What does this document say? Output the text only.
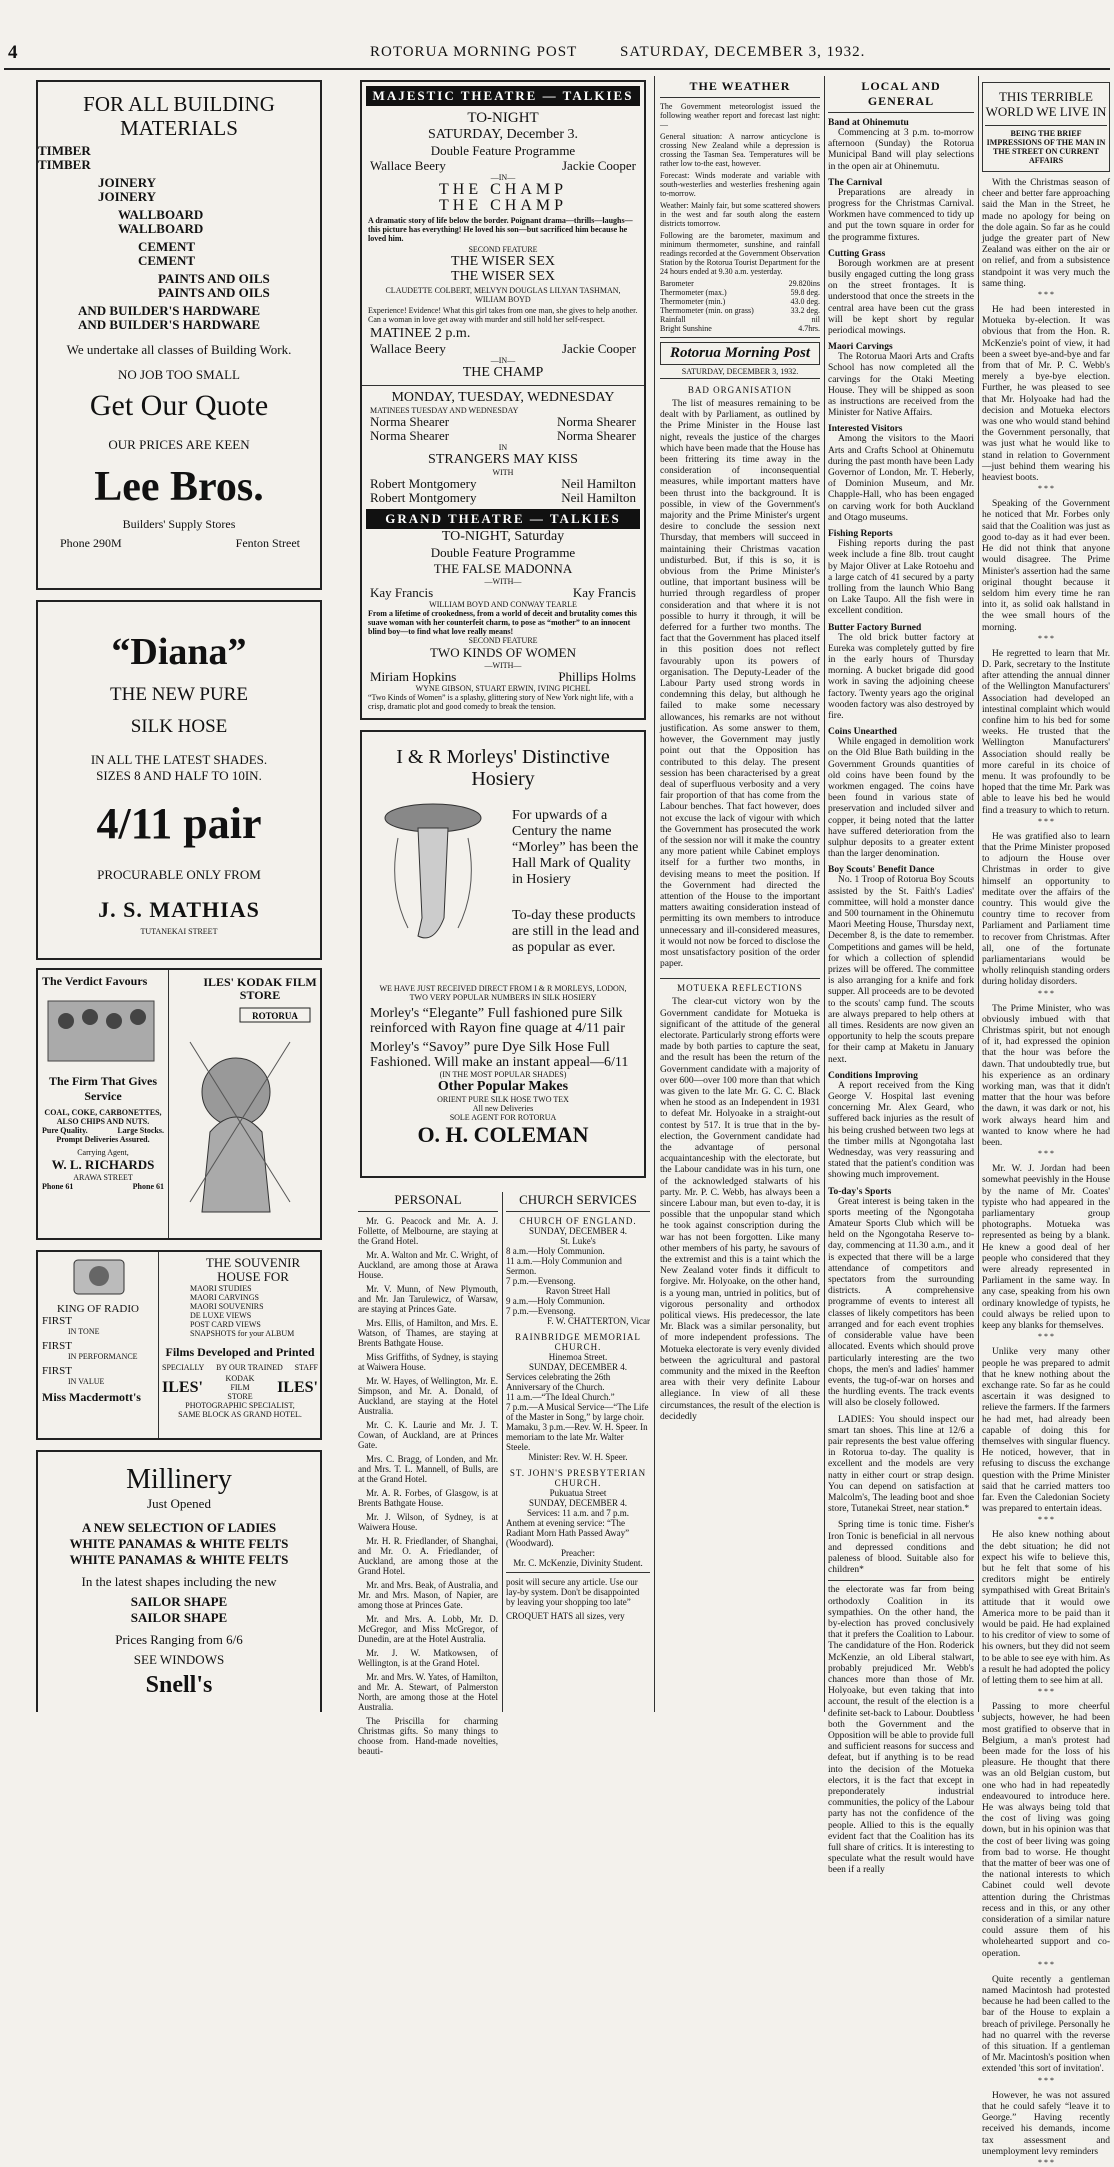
4	ROTORUA MORNING POST	SATURDAY, DECEMBER 3, 1932.
FOR ALL BUILDING MATERIALS
TIMBER
TIMBER
JOINERY
JOINERY
WALLBOARD
WALLBOARD
CEMENT
CEMENT
PAINTS AND OILS
PAINTS AND OILS
AND BUILDER'S HARDWARE
AND BUILDER'S HARDWARE
We undertake all classes of Building Work.
NO JOB TOO SMALL
Get Our Quote
OUR PRICES ARE KEEN
Lee Bros.
Builders' Supply Stores
Phone 290M	Fenton Street
“Diana”
THE NEW PURE
SILK HOSE
IN ALL THE LATEST SHADES.
SIZES 8 AND HALF TO 10IN.
4/11 pair
PROCURABLE ONLY FROM
J. S. MATHIAS
TUTANEKAI STREET
The Verdict Favours
The Firm That Gives Service
COAL, COKE, CARBONETTES, ALSO CHIPS AND NUTS.
Pure Quality.	Large Stocks.
Prompt Deliveries Assured.
Carrying Agent,
W. L. RICHARDS
ARAWA STREET
Phone 61	Phone 61
ILES' KODAK FILM STORE
ROTORUA
KING OF RADIO
FIRST
IN TONE
FIRST
IN PERFORMANCE
FIRST
IN VALUE
Miss Macdermott's
THE SOUVENIR HOUSE FOR
MAORI STUDIES
MAORI CARVINGS
MAORI SOUVENIRS
DE LUXE VIEWS
POST CARD VIEWS
SNAPSHOTS for your ALBUM
Films Developed and Printed
SPECIALLY BY OUR TRAINED STAFF
ILES'	KODAK FILM STORE
ILES'
PHOTOGRAPHIC SPECIALIST,
SAME BLOCK AS GRAND HOTEL.
Millinery
Just Opened
A NEW SELECTION OF LADIES
WHITE PANAMAS & WHITE FELTS
WHITE PANAMAS & WHITE FELTS
In the latest shapes including the new
SAILOR SHAPE
SAILOR SHAPE
Prices Ranging from 6/6
SEE WINDOWS
Snell's
MAJESTIC THEATRE — TALKIES
TO-NIGHT
SATURDAY, December 3.
Double Feature Programme
Wallace Beery	Jackie Cooper
—IN—
THE CHAMP
THE CHAMP
A dramatic story of life below the border. Poignant drama—thrills—laughs—this picture has everything! He loved his son—but sacrificed him because he loved him.
SECOND FEATURE
THE WISER SEX
THE WISER SEX
CLAUDETTE COLBERT, MELVYN DOUGLAS LILYAN TASHMAN, WILIAM BOYD
Experience! Evidence! What this girl takes from one man, she gives to help another. Can a woman in love get away with murder and still hold her self-respect.
MATINEE 2 p.m.
Wallace Beery	Jackie Cooper
—IN—
THE CHAMP
MONDAY, TUESDAY, WEDNESDAY
MATINEES TUESDAY AND WEDNESDAY
Norma Shearer	Norma Shearer
Norma Shearer	Norma Shearer
IN
STRANGERS MAY KISS
WITH
Robert Montgomery	Neil Hamilton
Robert Montgomery	Neil Hamilton
GRAND THEATRE — TALKIES
TO-NIGHT, Saturday
Double Feature Programme
THE FALSE MADONNA
—WITH—
Kay Francis	Kay Francis
WILLIAM BOYD AND CONWAY TEARLE
From a lifetime of crookedness, from a world of deceit and brutality comes this suave woman with her counterfeit charm, to pose as “mother” to an innocent blind boy—to find what love really means!
SECOND FEATURE
TWO KINDS OF WOMEN
—WITH—
Miriam Hopkins	Phillips Holms
WYNE GIBSON, STUART ERWIN, IVING PICHEL
“Two Kinds of Women” is a splashy, glittering story of New York night life, with a crisp, dramatic plot and good comedy to break the tension.
I & R Morleys' Distinctive Hosiery
For upwards of a Century the name “Morley” has been the Hall Mark of Quality in Hosiery
To-day these products are still in the lead and as popular as ever.
WE HAVE JUST RECEIVED DIRECT FROM I & R MORLEYS, LODON, TWO VERY POPULAR NUMBERS IN SILK HOSIERY
Morley's “Elegante” Full fashioned pure Silk reinforced with Rayon fine quage at 4/11 pair
Morley's “Savoy” pure Dye Silk Hose Full Fashioned. Will make an instant appeal—6/11
(IN THE MOST POPULAR SHADES)
Other Popular Makes
ORIENT PURE SILK HOSE TWO TEX
All new Deliveries
SOLE AGENT FOR ROTORUA
O. H. COLEMAN
PERSONAL
Mr. G. Peacock and Mr. A. J. Follette, of Melbourne, are staying at the Grand Hotel.
Mr. A. Walton and Mr. C. Wright, of Auckland, are among those at Arawa House.
Mr. V. Munn, of New Plymouth, and Mr. Jan Tarulewicz, of Warsaw, are staying at Princes Gate.
Mrs. Ellis, of Hamilton, and Mrs. E. Watson, of Thames, are staying at Brents Bathgate House.
Miss Griffiths, of Sydney, is staying at Waiwera House.
Mr. W. Hayes, of Wellington, Mr. E. Simpson, and Mr. A. Donald, of Auckland, are staying at the Hotel Australia.
Mr. C. K. Laurie and Mr. J. T. Cowan, of Auckland, are at Princes Gate.
Mrs. C. Bragg, of Londen, and Mr. and Mrs. T. L. Mannell, of Bulls, are at the Grand Hotel.
Mr. A. R. Forbes, of Glasgow, is at Brents Bathgate House.
Mr. J. Wilson, of Sydney, is at Waiwera House.
Mr. H. R. Friedlander, of Shanghai, and Mr. O. A. Friedlander, of Auckland, are among those at the Grand Hotel.
Mr. and Mrs. Beak, of Australia, and Mr. and Mrs. Mason, of Napier, are among those at Princes Gate.
Mr. and Mrs. A. Lobb, Mr. D. McGregor, and Miss McGregor, of Dunedin, are at the Hotel Australia.
Mr. J. W. Matkowsen, of Wellington, is at the Grand Hotel.
Mr. and Mrs. W. Yates, of Hamilton, and Mr. A. Stewart, of Palmerston North, are among those at the Hotel Australia.
The Priscilla for charming Christmas gifts. So many things to choose from. Hand-made novelties, beauti-
CHURCH SERVICES
CHURCH OF ENGLAND.
SUNDAY, DECEMBER 4.
St. Luke's
8 a.m.—Holy Communion.
11 a.m.—Holy Communion and Sermon.
7 p.m.—Evensong.
Ravon Street Hall
9 a.m.—Holy Communion.
7 p.m.—Evensong.
F. W. CHATTERTON, Vicar
RAINBRIDGE MEMORIAL CHURCH.
Hinemoa Street.
SUNDAY, DECEMBER 4.
Services celebrating the 26th Anniversary of the Church.
11 a.m.—“The Ideal Church.”
7 p.m.—A Musical Service—“The Life of the Master in Song,” by large choir.
Mamaku, 3 p.m.—Rev. W. H. Speer. In memoriam to the late Mr. Walter Steele.
Minister: Rev. W. H. Speer.
ST. JOHN'S PRESBYTERIAN CHURCH.
Pukuatua Street
SUNDAY, DECEMBER 4.
Services: 11 a.m. and 7 p.m.
Anthem at evening service: “The Radiant Morn Hath Passed Away” (Woodward).
Preacher:
Mr. C. McKenzie, Divinity Student.
posit will secure any article. Use our lay-by system. Don't be disappointed by leaving your shopping too late”
CROQUET HATS all sizes, very
THE WEATHER
The Government meteorologist issued the following weather report and forecast last night:—
General situation: A narrow anticyclone is crossing New Zealand while a depression is crossing the Tasman Sea. Temperatures will be rather low to-the east, however.
Forecast: Winds moderate and variable with south-westerlies and westerlies freshening again to-morrow.
Weather: Mainly fair, but some scattered showers in the west and far south along the eastern districts tomorrow.
Following are the barometer, maximum and minimum thermometer, sunshine, and rainfall readings recorded at the Government Observation Station by the Rotorua Tourist Department for the 24 hours ended at 9.30 a.m. yesterday.
Barometer	29.820ins
Thermometer (max.)	59.8 deg.
Thermometer (min.)	43.0 deg.
Thermometer (min. on grass)	33.2 deg.
Rainfall	nil
Bright Sunshine	4.7hrs.
Rotorua Morning Post
SATURDAY, DECEMBER 3, 1932.
BAD ORGANISATION
The list of measures remaining to be dealt with by Parliament, as outlined by the Prime Minister in the House last night, reveals the justice of the charges which have been made that the House has been frittering its time away in the consideration of inconsequential measures, while important matters have been thrust into the background. It is possible, in view of the Government's majority and the Prime Minister's urgent desire to conclude the session next Thursday, that members will succeed in maintaining their Christmas vacation undisturbed. But, if this is so, it is obvious from the Prime Minister's outline, that important business will be hurried through regardless of proper consideration and that where it is not possible to hurry it through, it will be deferred for a further two months. The fact that the Government has placed itself in this position does not reflect favourably upon its powers of organisation. The Deputy-Leader of the Labour Party used strong words in condemning this delay, but although he failed to make some necessary allowances, his remarks are not without justification. As some answer to them, however, the Government may justly point out that the Opposition has contributed to this delay. The present session has been characterised by a great deal of superfluous verbosity and a very fair proportion of that has come from the Labour benches. That fact however, does not excuse the lack of vigour with which the Government has prosecuted the work of the session nor will it make the country any more patient while Cabinet employs itself for a further two months, in devising means to meet the position. If the Government had directed the attention of the House to the important matters awaiting consideration instead of permitting its own members to introduce unnecessary and ill-considered measures, it would not now be forced to disclose the most unsatisfactory position of the order paper.
MOTUEKA REFLECTIONS
The clear-cut victory won by the Government candidate for Motueka is significant of the attitude of the general electorate. Particularly strong efforts were made by both parties to capture the seat, and the result has been the return of the Government candidate with a majority of over 600—over 100 more than that which was given to the late Mr. G. C. C. Black when he stood as an Independent in 1931 to defeat Mr. Holyoake in a straight-out contest by 517. It is true that in the by-election, the Government candidate had the advantage of personal acquaintanceship with the electorate, but the Labour candidate was in his turn, one of the acknowledged stalwarts of his party. Mr. P. C. Webb, has always been a sincere Labour man, but even to-day, it is possible that the unpopular stand which he took against conscription during the war has not been forgotten. Like many other members of his party, he savours of the extremist and this is a taint which the New Zealand voter finds it difficult to forgive. Mr. Holyoake, on the other hand, is a young man, untried in politics, but of vigorous personality and orthodox political views. His predecessor, the late Mr. Black was a similar personality, but of more independent professions. The Motueka electorate is very evenly divided between the agricultural and pastoral community and the mixed in the Reefton area with their very definite Labour allegiance. In view of all these circumstances, the result of the election is decidedly
LOCAL AND GENERAL
Band at Ohinemutu
Commencing at 3 p.m. to-morrow afternoon (Sunday) the Rotorua Municipal Band will play selections in the open air at Ohinemutu.
The Carnival
Preparations are already in progress for the Christmas Carnival. Workmen have commenced to tidy up and put the town square in order for the programme fixtures.
Cutting Grass
Borough workmen are at present busily engaged cutting the long grass on the street frontages. It is understood that once the streets in the central area have been cut the grass will be kept short by regular periodical mowings.
Maori Carvings
The Rotorua Maori Arts and Crafts School has now completed all the carvings for the Otaki Meeting House. They will be shipped as soon as instructions are received from the Minister for Native Affairs.
Interested Visitors
Among the visitors to the Maori Arts and Crafts School at Ohinemutu during the past month have been Lady Governor of London, Mr. T. Heberly, of Dominion Museum, and Mr. Chapple-Hall, who has been engaged on carving work for both Auckland and Otago museums.
Fishing Reports
Fishing reports during the past week include a fine 8lb. trout caught by Major Oliver at Lake Rotoehu and a large catch of 41 secured by a party trolling from the launch Whio Bang on Lake Taupo. All the fish were in excellent condition.
Butter Factory Burned
The old brick butter factory at Eureka was completely gutted by fire in the early hours of Thursday morning. A bucket brigade did good work in saving the adjoining cheese factory. Twenty years ago the original wooden factory was also destroyed by fire.
Coins Unearthed
While engaged in demolition work on the Old Blue Bath building in the Government Grounds quantities of old coins have been found by the workmen engaged. The coins have been found in various state of preservation and included silver and copper, it being noted that the latter have suffered deterioration from the sulphur deposits to a greater extent than the larger denomination.
Boy Scouts' Benefit Dance
No. 1 Troop of Rotorua Boy Scouts assisted by the St. Faith's Ladies' committee, will hold a monster dance and 500 tournament in the Ohinemutu Maori Meeting House, Thursday next, December 8, is the date to remember. Competitions and games will be held, for which a collection of splendid prizes will be offered. The committee is also arranging for a knife and fork supper. All proceeds are to be devoted to the scouts' camp fund. The scouts are always prepared to help others at all times. Residents are now given an opportunity to help the scouts prepare for their camp at Maketu in January next.
Conditions Improving
A report received from the King George V. Hospital last evening concerning Mr. Alex Geard, who suffered back injuries as the result of his being crushed between two legs at the timber mills at Ngongotaha last Wednesday, was very reassuring and stated that the patient's condition was showing much improvement.
To-day's Sports
Great interest is being taken in the sports meeting of the Ngongotaha Amateur Sports Club which will be held on the Ngongotaha Reserve to-day, commencing at 11.30 a.m., and it is expected that there will be a large attendance of competitors and spectators from the surrounding districts. A comprehensive programme of events to interest all classes of likely competitors has been arranged and for each event trophies of considerable value have been allocated. Events which should prove particularly interesting are the two chops, the men's and ladies' hammer events, the tug-of-war on horses and the hurdling events. The track events will also be closely followed.
LADIES: You should inspect our smart tan shoes. This line at 12/6 a pair represents the best value offering in Rotorua to-day. The quality is excellent and the models are very natty in either court or strap design. You can depend on satisfaction at Malcolm's, The leading boot and shoe store, Tutanekai Street, near station.*
Spring time is tonic time. Fisher's Iron Tonic is beneficial in all nervous and depressed conditions and paleness of blood. Suitable also for children*
the electorate was far from being orthodoxly Coalition in its sympathies. On the other hand, the by-election has proved conclusively that it prefers the Coalition to Labour. The candidature of the Hon. Roderick McKenzie, an old Liberal stalwart, probably prejudiced Mr. Webb's chances more than those of Mr. Holyoake, but even taking that into account, the result of the election is a definite set-back to Labour. Doubtless both the Government and the Opposition will be able to provide full and sufficient reasons for success and defeat, but if anything is to be read into the decision of the Motueka electors, it is the fact that except in preponderately industrial communities, the policy of the Labour party has not the confidence of the people. Allied to this is the equally evident fact that the Coalition has its full share of critics. It is interesting to speculate what the result would have been if a really
THIS TERRIBLE WORLD WE LIVE IN
BEING THE BRIEF IMPRESSIONS OF THE MAN IN THE STREET ON CURRENT AFFAIRS
With the Christmas season of cheer and better fare approaching said the Man in the Street, he made no apology for being on the dole again. So far as he could judge the greater part of New Zealand was either on the air or on relief, and from a subsistence standpoint it was very much the same thing.
* * *
He had been interested in Motueka by-election. It was obvious that from the Hon. R. McKenzie's point of view, it had been a sweet bye-and-bye and far from that of Mr. P. C. Webb's merely a bye-bye election. Further, he was pleased to see that Mr. Holyoake had had the decision and Motueka electors was one who would stand behind the Government personally, that was just what he would like to stand in relation to Government—just behind them wearing his heaviest boots.
* * *
Speaking of the Government he noticed that Mr. Forbes only said that the Coalition was just as good to-day as it had ever been. He did not think that anyone would disagree. The Prime Minister's assertion had the same original thought because it seldom him every time he ran into it, as solid oak hallstand in the wee small hours of the morning.
* * *
He regretted to learn that Mr. D. Park, secretary to the Institute after attending the annual dinner of the Wellington Manufacturers' Association had developed an intestinal complaint which would confine him to his bed for some weeks. He trusted that the Wellington Manufacturers' Association should really be more careful in its choice of menu. It was profoundly to be hoped that the time Mr. Park was able to leave his bed he would find a treasury to which to return.
* * *
He was gratified also to learn that the Prime Minister proposed to adjourn the House over Christmas in order to give himself an opportunity to meditate over the affairs of the country. This would give the country time to recover from Parliament and Parliament time to recover from Christmas. After all, one of the fortunate parliamentarians would be wholly relinquish standing orders during holiday disorders.
* * *
The Prime Minister, who was obviously imbued with that Christmas spirit, but not enough of it, had expressed the opinion that the hour was before the dawn. That undoubtedly true, but his experience as an ordinary working man, was that it didn't matter that the hour was before the dawn, it was dark or not, his work always heard him and wanted to know where he had been.
* * *
Mr. W. J. Jordan had been somewhat peevishly in the House by the name of Mr. Coates' typiste who had appeared in the parliamentary group photographs. Motueka was represented as being by a blank. He knew a good deal of her people who considered that they were already represented in Parliament in the same way. In any case, speaking from his own ordinary knowledge of typists, he could always be relied upon to keep any blanks for themselves.
* * *
Unlike very many other people he was prepared to admit that he knew nothing about the exchange rate. So far as he could ascertain it was designed to relieve the farmers. If the farmers he had met, had already been capable of doing this for themselves with singular fluency. He noticed, however, that in refusing to discuss the exchange question with the Prime Minister said that he carried matters too far. Even the Caledonian Society was prepared to entertain ideas.
* * *
He also knew nothing about the debt situation; he did not expect his wife to believe this, but he felt that some of his creditors might be entirely sympathised with Great Britain's attitude that it would owe America more to be paid than it would be paid. He had explained to his creditor of view to some of his owners, but they did not seem to be able to see eye with him. As a result he had adopted the policy of letting them to see him at all.
* * *
Passing to more cheerful subjects, however, he had been most gratified to observe that in Belgium, a man's protest had been made for the loss of his pleasure. He thought that there was an old Belgian custom, but one who had in had repeatedly endeavoured to introduce here. He was always being told that the cost of living was going down, but in his opinion was that the cost of beer living was going from bad to worse. He thought that the matter of beer was one of the national interests to which Cabinet could well devote attention during the Christmas recess and in this, or any other consideration of a similar nature could assure them of his wholehearted support and co-operation.
* * *
Quite recently a gentleman named Macintosh had protested because he had been called to the bar of the House to explain a breach of privilege. Personally he had no quarrel with the reverse of this situation. If a gentleman of Mr. Macintosh's position when extended 'this sort of invitation'.
* * *
However, he was not assured that he could safely “leave it to George.” Having recently received his demands, income tax assessment and unemployment levy reminders
* * *
